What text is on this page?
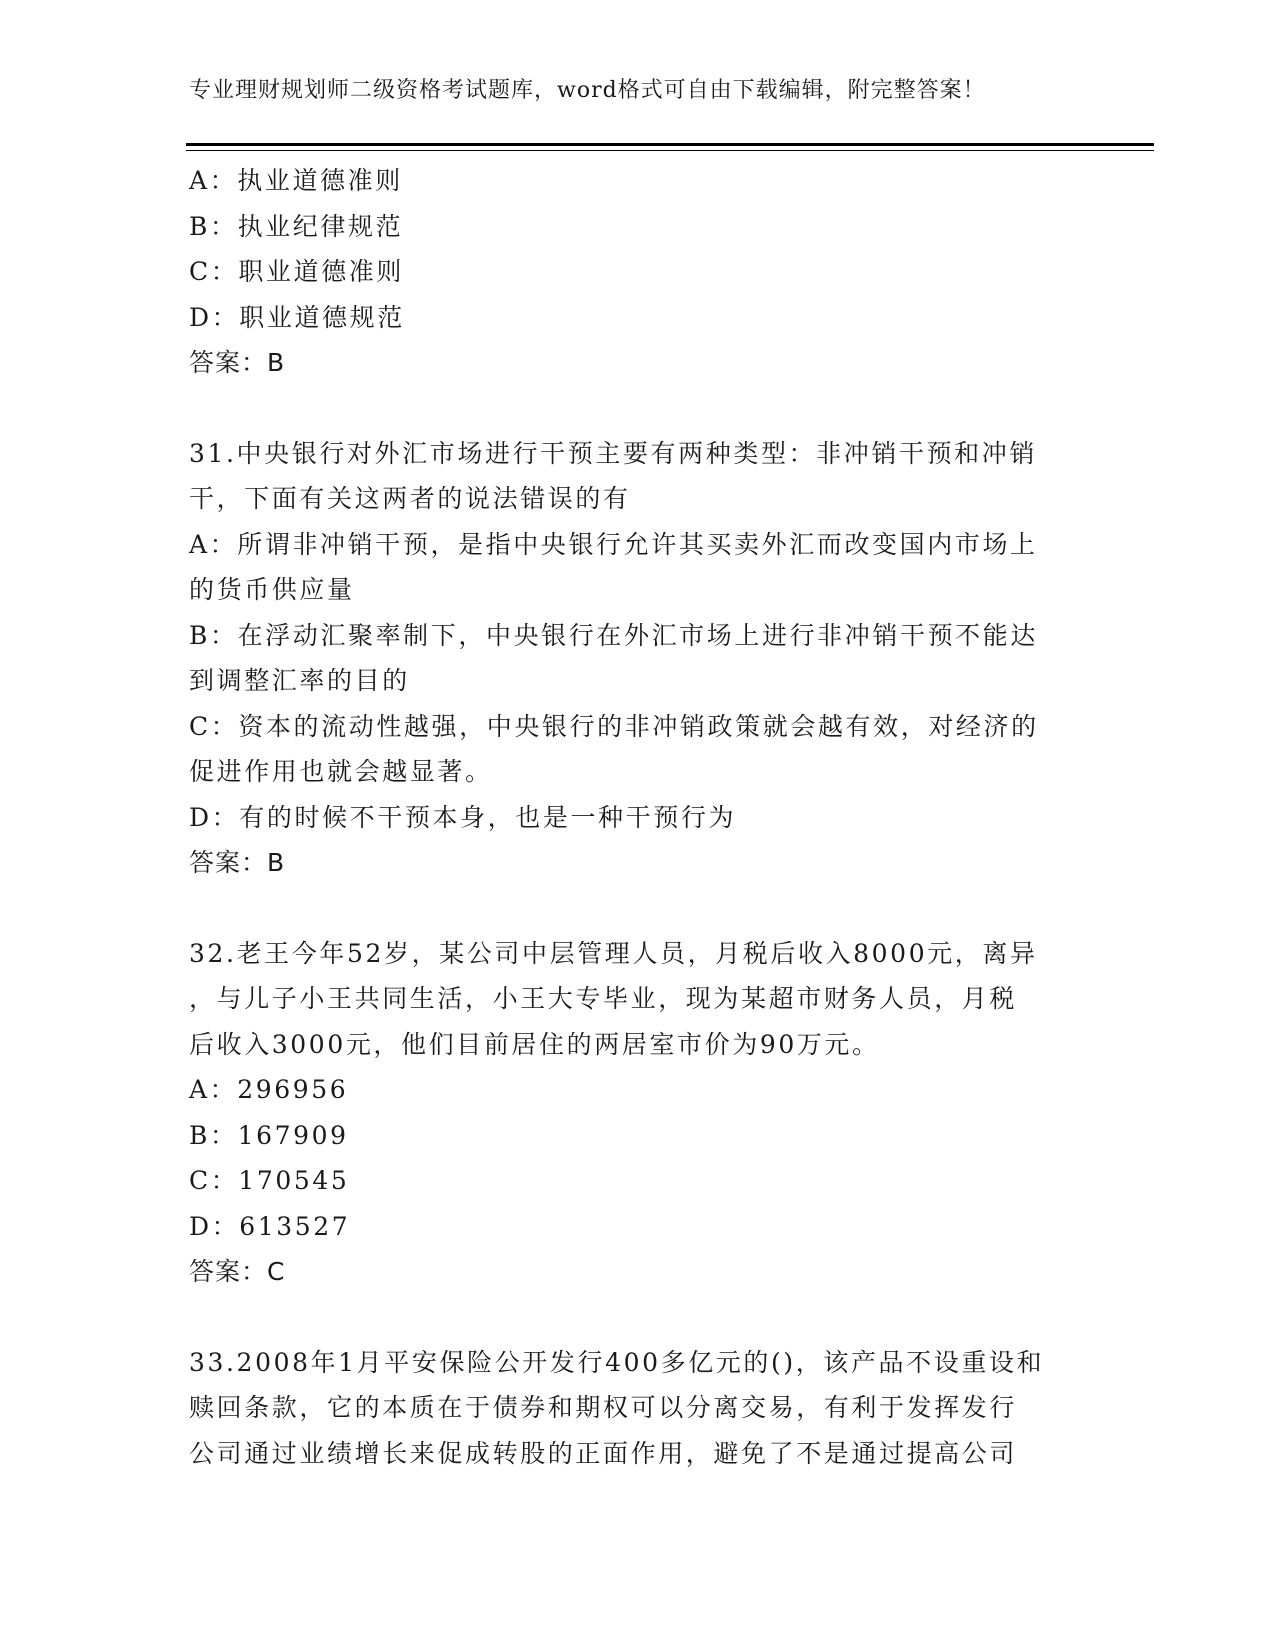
专业理财规划师二级资格考试题库，word格式可自由下载编辑，附完整答案！
A：执业道德准则
B：执业纪律规范
C：职业道德准则
D：职业道德规范
答案：B
31.中央银行对外汇市场进行干预主要有两种类型：非冲销干预和冲销
干，下面有关这两者的说法错误的有
A：所谓非冲销干预，是指中央银行允许其买卖外汇而改变国内市场上
的货币供应量
B：在浮动汇聚率制下，中央银行在外汇市场上进行非冲销干预不能达
到调整汇率的目的
C：资本的流动性越强，中央银行的非冲销政策就会越有效，对经济的
促进作用也就会越显著。
D：有的时候不干预本身，也是一种干预行为
答案：B
32.老王今年52岁，某公司中层管理人员，月税后收入8000元，离异
，与儿子小王共同生活，小王大专毕业，现为某超市财务人员，月税
后收入3000元，他们目前居住的两居室市价为90万元。
A：296956
B：167909
C：170545
D：613527
答案：C
33.2008年1月平安保险公开发行400多亿元的()，该产品不设重设和
赎回条款，它的本质在于债券和期权可以分离交易，有利于发挥发行
公司通过业绩增长来促成转股的正面作用，避免了不是通过提高公司
